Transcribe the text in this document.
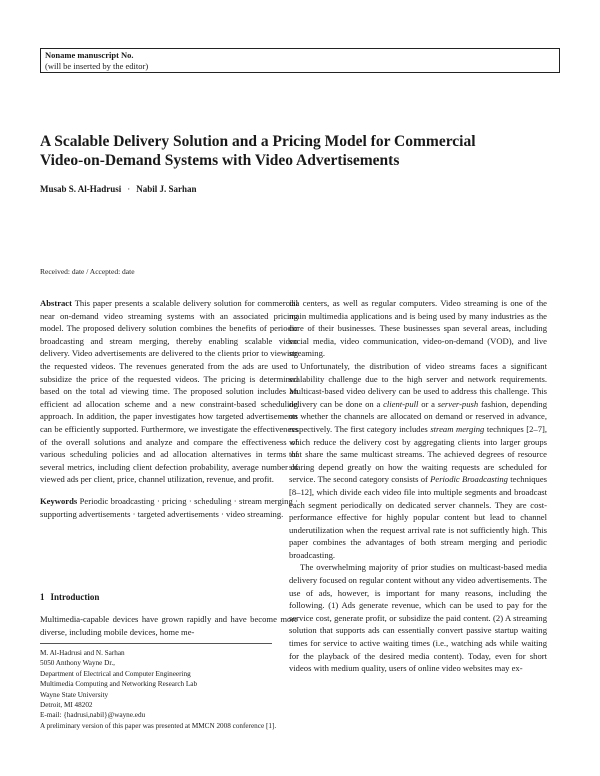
Noname manuscript No.
(will be inserted by the editor)
A Scalable Delivery Solution and a Pricing Model for Commercial
Video-on-Demand Systems with Video Advertisements
Musab S. Al-Hadrusi · Nabil J. Sarhan
Received: date / Accepted: date

Abstract This paper presents a scalable delivery solution for commercial near on-demand video streaming systems with an associated pricing model. The proposed delivery solution combines the benefits of periodic broadcasting and stream merging, thereby enabling scalable video delivery. Video advertisements are delivered to the clients prior to viewing the requested videos. The revenues generated from the ads are used to subsidize the price of the requested videos. The pricing is determined based on the total ad viewing time. The proposed solution includes an efficient ad allocation scheme and a new constraint-based scheduling approach. In addition, the paper investigates how targeted advertisements can be efficiently supported. Furthermore, we investigate the effectiveness of the overall solutions and analyze and compare the effectiveness of various scheduling policies and ad allocation alternatives in terms of several metrics, including client defection probability, average number of viewed ads per client, price, channel utilization, revenue, and profit.

Keywords Periodic broadcasting · pricing · scheduling · stream merging · supporting advertisements · targeted advertisements · video streaming.

1 Introduction

Multimedia-capable devices have grown rapidly and have become more diverse, including mobile devices, home me-

M. Al-Hadrusi and N. Sarhan
5050 Anthony Wayne Dr.,
Department of Electrical and Computer Engineering
Multimedia Computing and Networking Research Lab
Wayne State University
Detroit, MI 48202
E-mail: {hadrusi,nabil}@wayne.edu
A preliminary version of this paper was presented at MMCN 2008 conference [1].

dia centers, as well as regular computers. Video streaming is one of the main multimedia applications and is being used by many industries as the core of their businesses. These businesses span several areas, including social media, video communication, video-on-demand (VOD), and live streaming.

Unfortunately, the distribution of video streams faces a significant scalability challenge due to the high server and network requirements. Multicast-based video delivery can be used to address this challenge. This delivery can be done on a client-pull or a server-push fashion, depending on whether the channels are allocated on demand or reserved in advance, respectively. The first category includes stream merging techniques [2–7], which reduce the delivery cost by aggregating clients into larger groups that share the same multicast streams. The achieved degrees of resource sharing depend greatly on how the waiting requests are scheduled for service. The second category consists of Periodic Broadcasting techniques [8–12], which divide each video file into multiple segments and broadcast each segment periodically on dedicated server channels. They are cost-performance effective for highly popular content but lead to channel underutilization when the request arrival rate is not sufficiently high. This paper combines the advantages of both stream merging and periodic broadcasting.

The overwhelming majority of prior studies on multicast-based media delivery focused on regular content without any video advertisements. The use of ads, however, is important for many reasons, including the following. (1) Ads generate revenue, which can be used to pay for the service cost, generate profit, or subsidize the paid content. (2) A streaming solution that supports ads can essentially convert passive startup waiting times for service to active waiting times (i.e., watching ads while waiting for the playback of the desired media content). Today, even for short videos with medium quality, users of online video websites may ex-
